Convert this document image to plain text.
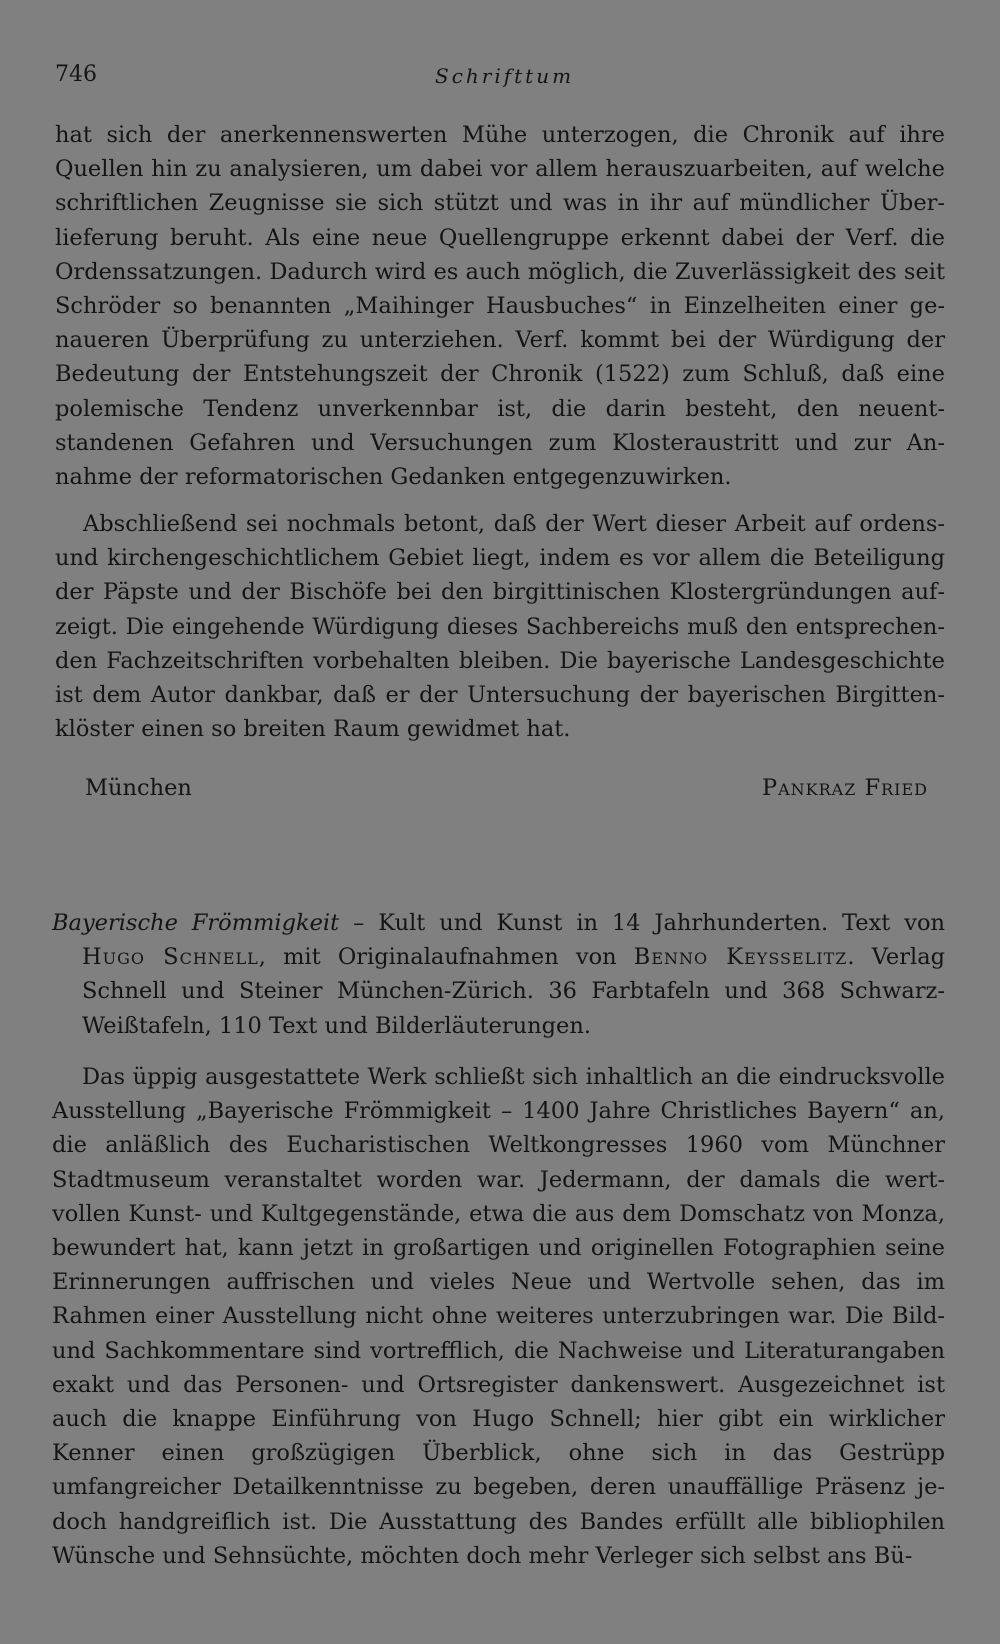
746	Schrifttum

hat sich der anerkennenswerten Mühe unterzogen, die Chronik auf ihre Quellen hin zu analysieren, um dabei vor allem herauszuarbeiten, auf welche schriftlichen Zeugnisse sie sich stützt und was in ihr auf mündlicher Überlieferung beruht. Als eine neue Quellengruppe erkennt dabei der Verf. die Ordenssatzungen. Dadurch wird es auch möglich, die Zuverlässigkeit des seit Schröder so benannten „Maihinger Hausbuches“ in Einzelheiten einer genaueren Überprüfung zu unterziehen. Verf. kommt bei der Würdigung der Bedeutung der Entstehungszeit der Chronik (1522) zum Schluß, daß eine polemische Tendenz unverkennbar ist, die darin besteht, den neuentstandenen Gefahren und Versuchungen zum Klosteraustritt und zur Annahme der reformatorischen Gedanken entgegenzuwirken.

Abschließend sei nochmals betont, daß der Wert dieser Arbeit auf ordens- und kirchengeschichtlichem Gebiet liegt, indem es vor allem die Beteiligung der Päpste und der Bischöfe bei den birgittinischen Klostergründungen aufzeigt. Die eingehende Würdigung dieses Sachbereichs muß den entsprechenden Fachzeitschriften vorbehalten bleiben. Die bayerische Landesgeschichte ist dem Autor dankbar, daß er der Untersuchung der bayerischen Birgittenklöster einen so breiten Raum gewidmet hat.

München	Pankraz Fried

Bayerische Frömmigkeit – Kult und Kunst in 14 Jahrhunderten. Text von Hugo Schnell, mit Originalaufnahmen von Benno Keysselitz. Verlag Schnell und Steiner München-Zürich. 36 Farbtafeln und 368 Schwarz-Weißtafeln, 110 Text und Bilderläuterungen.

Das üppig ausgestattete Werk schließt sich inhaltlich an die eindrucksvolle Ausstellung „Bayerische Frömmigkeit – 1400 Jahre Christliches Bayern“ an, die anläßlich des Eucharistischen Weltkongresses 1960 vom Münchner Stadtmuseum veranstaltet worden war. Jedermann, der damals die wertvollen Kunst- und Kultgegenstände, etwa die aus dem Domschatz von Monza, bewundert hat, kann jetzt in großartigen und originellen Fotographien seine Erinnerungen auffrischen und vieles Neue und Wertvolle sehen, das im Rahmen einer Ausstellung nicht ohne weiteres unterzubringen war. Die Bild- und Sachkommentare sind vortrefflich, die Nachweise und Literaturangaben exakt und das Personen- und Ortsregister dankenswert. Ausgezeichnet ist auch die knappe Einführung von Hugo Schnell; hier gibt ein wirklicher Kenner einen großzügigen Überblick, ohne sich in das Gestrüpp umfangreicher Detailkenntnisse zu begeben, deren unauffällige Präsenz jedoch handgreiflich ist. Die Ausstattung des Bandes erfüllt alle bibliophilen Wünsche und Sehnsüchte, möchten doch mehr Verleger sich selbst ans Bü-
